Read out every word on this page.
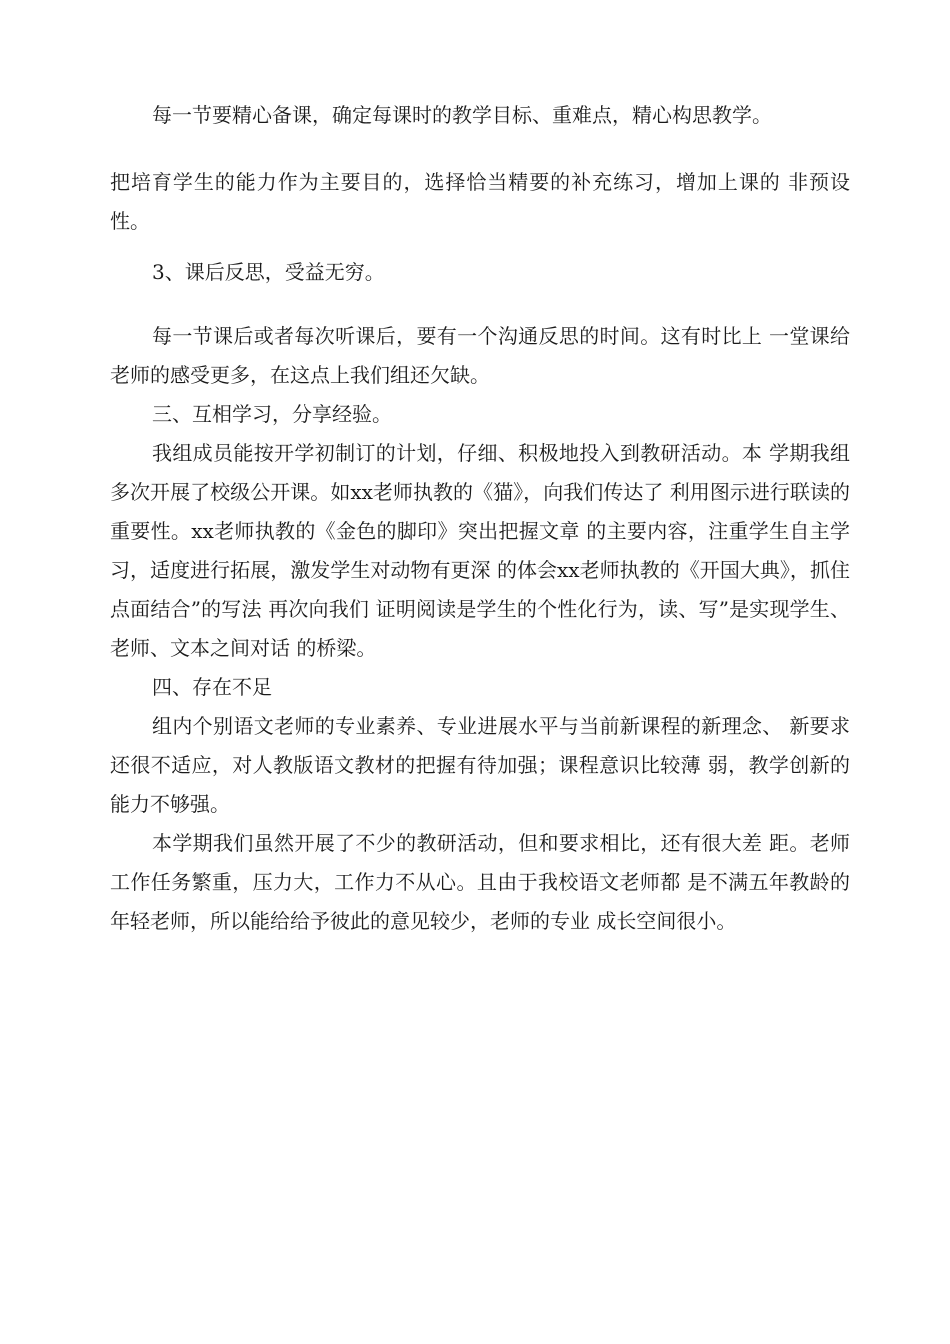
每一节要精心备课，确定每课时的教学目标、重难点，精心构思教学。

把培育学生的能力作为主要目的，选择恰当精要的补充练习，增加上课的 非预设性。

3、课后反思，受益无穷。

每一节课后或者每次听课后，要有一个沟通反思的时间。这有时比上 一堂课给老师的感受更多，在这点上我们组还欠缺。

三、互相学习，分享经验。

我组成员能按开学初制订的计划，仔细、积极地投入到教研活动。本 学期我组多次开展了校级公开课。如xx老师执教的《猫》，向我们传达了 利用图示进行联读的重要性。xx老师执教的《金色的脚印》突出把握文章 的主要内容，注重学生自主学习，适度进行拓展，激发学生对动物有更深 的体会xx老师执教的《开国大典》，抓住点面结合”的写法 再次向我们 证明阅读是学生的个性化行为，读、写”是实现学生、老师、文本之间对话 的桥梁。

四、存在不足

组内个别语文老师的专业素养、专业进展水平与当前新课程的新理念、 新要求还很不适应，对人教版语文教材的把握有待加强；课程意识比较薄 弱，教学创新的能力不够强。

本学期我们虽然开展了不少的教研活动，但和要求相比，还有很大差 距。老师工作任务繁重，压力大，工作力不从心。且由于我校语文老师都 是不满五年教龄的年轻老师，所以能给给予彼此的意见较少，老师的专业 成长空间很小。
